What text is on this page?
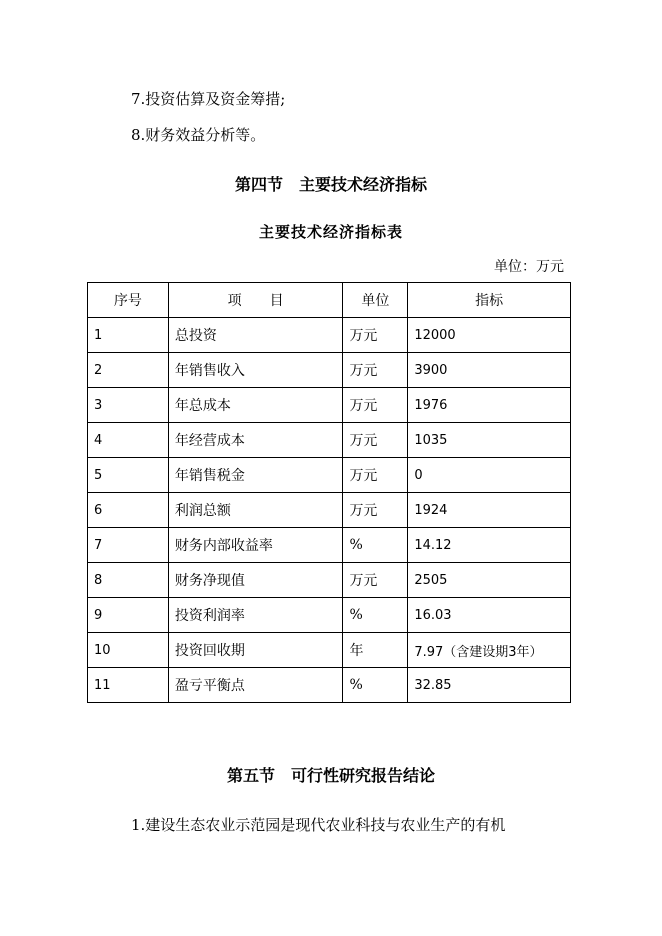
7.投资估算及资金筹措;
8.财务效益分析等。
第四节　主要技术经济指标
主要技术经济指标表
单位：万元
序号	项　　目	单位	指标
1	总投资	万元	12000
2	年销售收入	万元	3900
3	年总成本	万元	1976
4	年经营成本	万元	1035
5	年销售税金	万元	0
6	利润总额	万元	1924
7	财务内部收益率	%	14.12
8	财务净现值	万元	2505
9	投资利润率	%	16.03
10	投资回收期	年	7.97（含建设期3年）
11	盈亏平衡点	%	32.85
第五节　可行性研究报告结论
1.建设生态农业示范园是现代农业科技与农业生产的有机
